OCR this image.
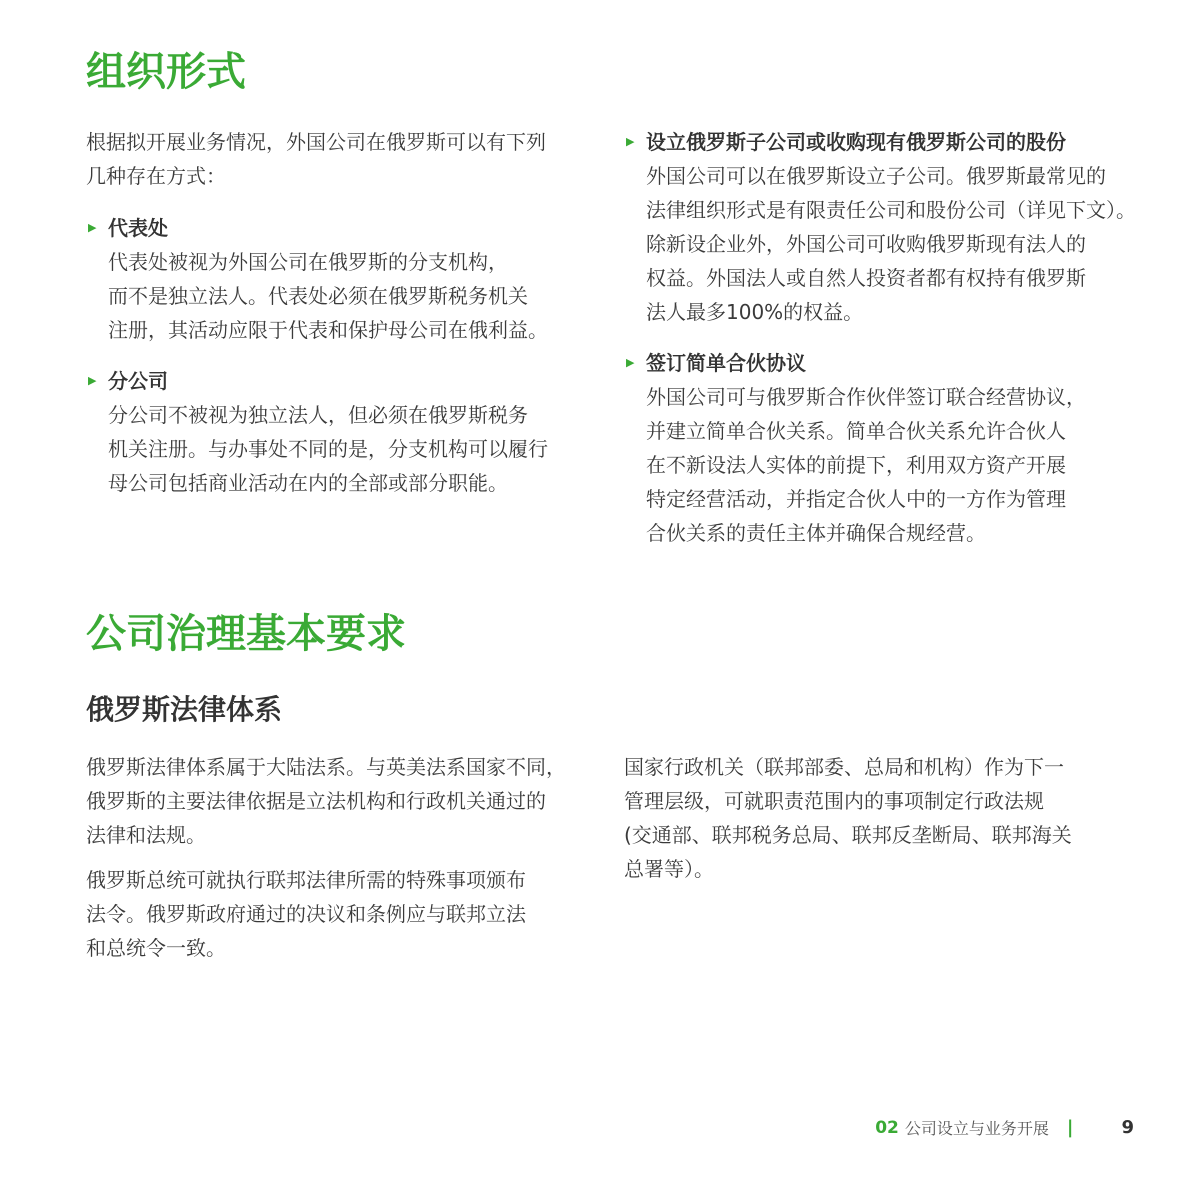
组织形式

根据拟开展业务情况，外国公司在俄罗斯可以有下列
几种存在方式：

▶ 代表处
代表处被视为外国公司在俄罗斯的分支机构，
而不是独立法人。代表处必须在俄罗斯税务机关
注册，其活动应限于代表和保护母公司在俄利益。
▶ 分公司
分公司不被视为独立法人，但必须在俄罗斯税务
机关注册。与办事处不同的是，分支机构可以履行
母公司包括商业活动在内的全部或部分职能。
▶ 设立俄罗斯子公司或收购现有俄罗斯公司的股份
外国公司可以在俄罗斯设立子公司。俄罗斯最常见的
法律组织形式是有限责任公司和股份公司（详见下文）。
除新设企业外，外国公司可收购俄罗斯现有法人的
权益。外国法人或自然人投资者都有权持有俄罗斯
法人最多100%的权益。
▶ 签订简单合伙协议
外国公司可与俄罗斯合作伙伴签订联合经营协议，
并建立简单合伙关系。简单合伙关系允许合伙人
在不新设法人实体的前提下，利用双方资产开展
特定经营活动，并指定合伙人中的一方作为管理
合伙关系的责任主体并确保合规经营。
公司治理基本要求
俄罗斯法律体系

俄罗斯法律体系属于大陆法系。与英美法系国家不同，
俄罗斯的主要法律依据是立法机构和行政机关通过的
法律和法规。

俄罗斯总统可就执行联邦法律所需的特殊事项颁布
法令。俄罗斯政府通过的决议和条例应与联邦立法
和总统令一致。

国家行政机关（联邦部委、总局和机构）作为下一
管理层级，可就职责范围内的事项制定行政法规
(交通部、联邦税务总局、联邦反垄断局、联邦海关
总署等）。

02 公司设立与业务开展 |	9
